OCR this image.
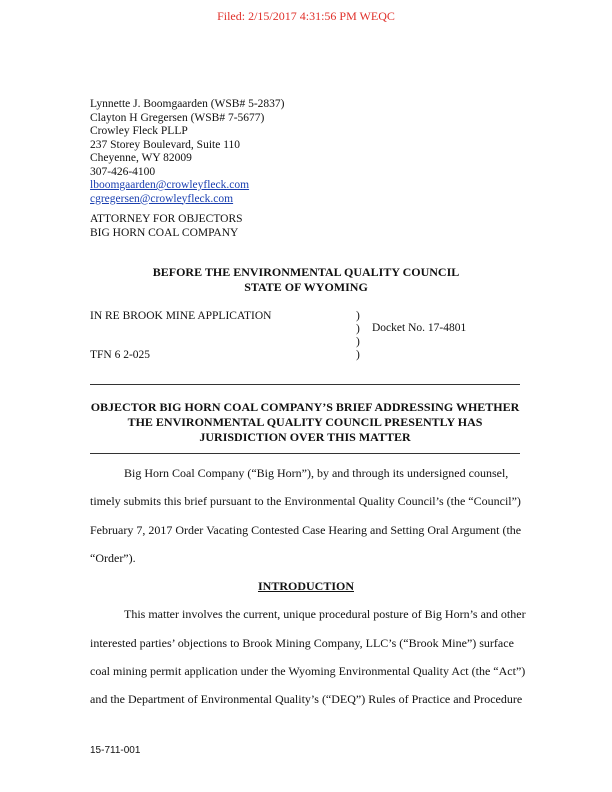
Filed: 2/15/2017 4:31:56 PM WEQC
Lynnette J. Boomgaarden (WSB# 5-2837)
Clayton H Gregersen (WSB# 7-5677)
Crowley Fleck PLLP
237 Storey Boulevard, Suite 110
Cheyenne, WY 82009
307-426-4100
lboomgaarden@crowleyfleck.com
cgregersen@crowleyfleck.com
ATTORNEY FOR OBJECTORS
BIG HORN COAL COMPANY
BEFORE THE ENVIRONMENTAL QUALITY COUNCIL
STATE OF WYOMING
IN RE BROOK MINE APPLICATION
TFN 6 2-025
)
)
)
)
Docket No. 17-4801
OBJECTOR BIG HORN COAL COMPANY’S BRIEF ADDRESSING WHETHER
THE ENVIRONMENTAL QUALITY COUNCIL PRESENTLY HAS
JURISDICTION OVER THIS MATTER
Big Horn Coal Company (“Big Horn”), by and through its undersigned counsel,
timely submits this brief pursuant to the Environmental Quality Council’s (the “Council”)
February 7, 2017 Order Vacating Contested Case Hearing and Setting Oral Argument (the
“Order”).
INTRODUCTION
This matter involves the current, unique procedural posture of Big Horn’s and other
interested parties’ objections to Brook Mining Company, LLC’s (“Brook Mine”) surface
coal mining permit application under the Wyoming Environmental Quality Act (the “Act”)
and the Department of Environmental Quality’s (“DEQ”) Rules of Practice and Procedure
15-711-001
